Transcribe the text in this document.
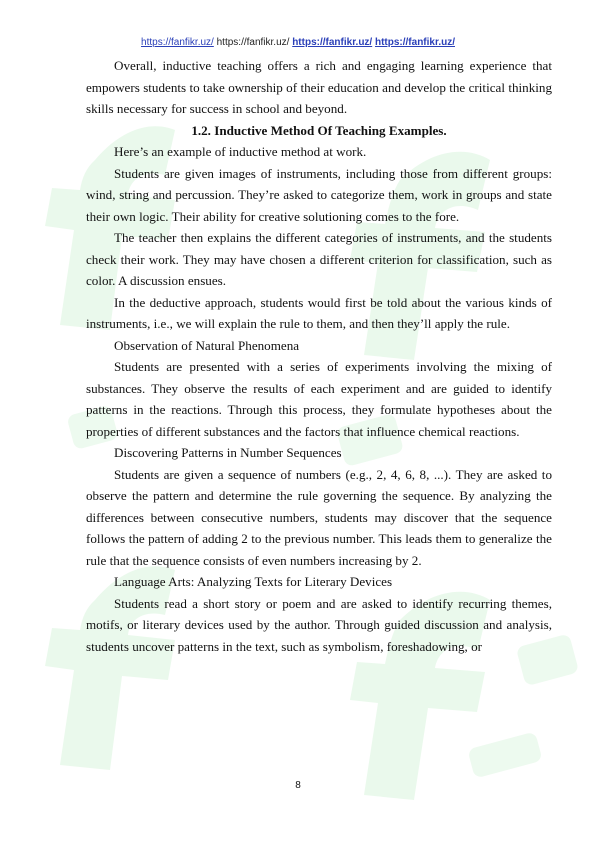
https://fanfikr.uz/ https://fanfikr.uz/ https://fanfikr.uz/ https://fanfikr.uz/

Overall, inductive teaching offers a rich and engaging learning experience that empowers students to take ownership of their education and develop the critical thinking skills necessary for success in school and beyond.

1.2. Inductive Method Of Teaching Examples.

Here’s an example of inductive method at work.

Students are given images of instruments, including those from different groups: wind, string and percussion. They’re asked to categorize them, work in groups and state their own logic. Their ability for creative solutioning comes to the fore.

The teacher then explains the different categories of instruments, and the students check their work. They may have chosen a different criterion for classification, such as color. A discussion ensues.

In the deductive approach, students would first be told about the various kinds of instruments, i.e., we will explain the rule to them, and then they’ll apply the rule.

Observation of Natural Phenomena

Students are presented with a series of experiments involving the mixing of substances. They observe the results of each experiment and are guided to identify patterns in the reactions. Through this process, they formulate hypotheses about the properties of different substances and the factors that influence chemical reactions.

Discovering Patterns in Number Sequences

Students are given a sequence of numbers (e.g., 2, 4, 6, 8, ...). They are asked to observe the pattern and determine the rule governing the sequence. By analyzing the differences between consecutive numbers, students may discover that the sequence follows the pattern of adding 2 to the previous number. This leads them to generalize the rule that the sequence consists of even numbers increasing by 2.

Language Arts: Analyzing Texts for Literary Devices

Students read a short story or poem and are asked to identify recurring themes, motifs, or literary devices used by the author. Through guided discussion and analysis, students uncover patterns in the text, such as symbolism, foreshadowing, or

8
